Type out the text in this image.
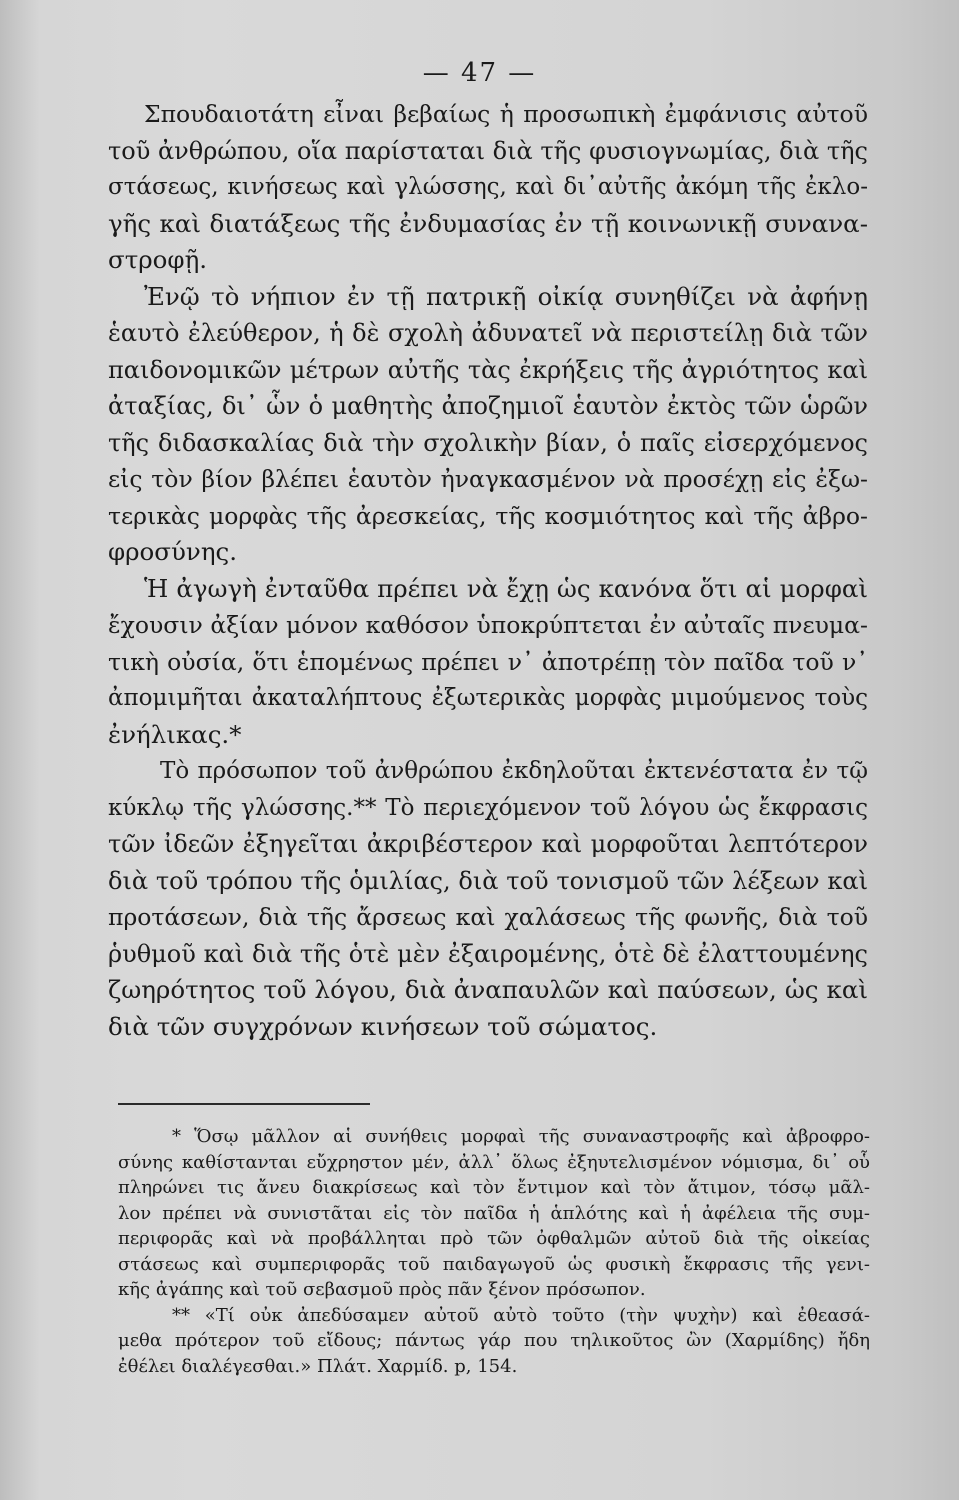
— 47 —

Σπουδαιοτάτη εἶναι βεβαίως ἡ προσωπικὴ ἐμφάνισις αὐτοῦ
τοῦ ἀνθρώπου, οἵα παρίσταται διὰ τῆς φυσιογνωμίας, διὰ τῆς
στάσεως, κινήσεως καὶ γλώσσης, καὶ δι᾽αὐτῆς ἀκόμη τῆς ἐκλο-
γῆς καὶ διατάξεως τῆς ἐνδυμασίας ἐν τῇ κοινωνικῇ συνανα-
στροφῇ.

Ἐνῷ τὸ νήπιον ἐν τῇ πατρικῇ οἰκίᾳ συνηθίζει νὰ ἀφήνῃ
ἑαυτὸ ἐλεύθερον, ἡ δὲ σχολὴ ἀδυνατεῖ νὰ περιστείλῃ διὰ τῶν
παιδονομικῶν μέτρων αὐτῆς τὰς ἐκρήξεις τῆς ἀγριότητος καὶ
ἀταξίας, δι᾽ ὧν ὁ μαθητὴς ἀποζημιοῖ ἑαυτὸν ἐκτὸς τῶν ὡρῶν
τῆς διδασκαλίας διὰ τὴν σχολικὴν βίαν, ὁ παῖς εἰσερχόμενος
εἰς τὸν βίον βλέπει ἑαυτὸν ἠναγκασμένον νὰ προσέχῃ εἰς ἐξω-
τερικὰς μορφὰς τῆς ἀρεσκείας, τῆς κοσμιότητος καὶ τῆς ἀβρο-
φροσύνης.

Ἡ ἀγωγὴ ἐνταῦθα πρέπει νὰ ἔχῃ ὡς κανόνα ὅτι αἱ μορφαὶ
ἔχουσιν ἀξίαν μόνον καθόσον ὑποκρύπτεται ἐν αὐταῖς πνευμα-
τικὴ οὐσία, ὅτι ἑπομένως πρέπει ν᾽ ἀποτρέπῃ τὸν παῖδα τοῦ ν᾽
ἀπομιμῆται ἀκαταλήπτους ἐξωτερικὰς μορφὰς μιμούμενος τοὺς
ἐνήλικας.*

Τὸ πρόσωπον τοῦ ἀνθρώπου ἐκδηλοῦται ἐκτενέστατα ἐν τῷ
κύκλῳ τῆς γλώσσης.** Τὸ περιεχόμενον τοῦ λόγου ὡς ἔκφρασις
τῶν ἰδεῶν ἐξηγεῖται ἀκριβέστερον καὶ μορφοῦται λεπτότερον
διὰ τοῦ τρόπου τῆς ὁμιλίας, διὰ τοῦ τονισμοῦ τῶν λέξεων καὶ
προτάσεων, διὰ τῆς ἄρσεως καὶ χαλάσεως τῆς φωνῆς, διὰ τοῦ
ῥυθμοῦ καὶ διὰ τῆς ὁτὲ μὲν ἐξαιρομένης, ὁτὲ δὲ ἐλαττουμένης
ζωηρότητος τοῦ λόγου, διὰ ἀναπαυλῶν καὶ παύσεων, ὡς καὶ
διὰ τῶν συγχρόνων κινήσεων τοῦ σώματος.

* Ὅσῳ μᾶλλον αἱ συνήθεις μορφαὶ τῆς συναναστροφῆς καὶ ἀβροφρο-
σύνης καθίστανται εὔχρηστον μέν, ἀλλ᾽ ὅλως ἐξηυτελισμένον νόμισμα, δι᾽ οὗ
πληρώνει τις ἄνευ διακρίσεως καὶ τὸν ἔντιμον καὶ τὸν ἄτιμον, τόσῳ μᾶλ-
λον πρέπει νὰ συνιστᾶται εἰς τὸν παῖδα ἡ ἁπλότης καὶ ἡ ἀφέλεια τῆς συμ-
περιφορᾶς καὶ νὰ προβάλληται πρὸ τῶν ὀφθαλμῶν αὐτοῦ διὰ τῆς οἰκείας
στάσεως καὶ συμπεριφορᾶς τοῦ παιδαγωγοῦ ὡς φυσικὴ ἔκφρασις τῆς γενι-
κῆς ἀγάπης καὶ τοῦ σεβασμοῦ πρὸς πᾶν ξένον πρόσωπον.

** «Τί οὐκ ἀπεδύσαμεν αὐτοῦ αὐτὸ τοῦτο (τὴν ψυχὴν) καὶ ἐθεασά-
μεθα πρότερον τοῦ εἴδους; πάντως γάρ που τηλικοῦτος ὢν (Χαρμίδης) ἤδη
ἐθέλει διαλέγεσθαι.» Πλάτ. Χαρμίδ. p, 154.
